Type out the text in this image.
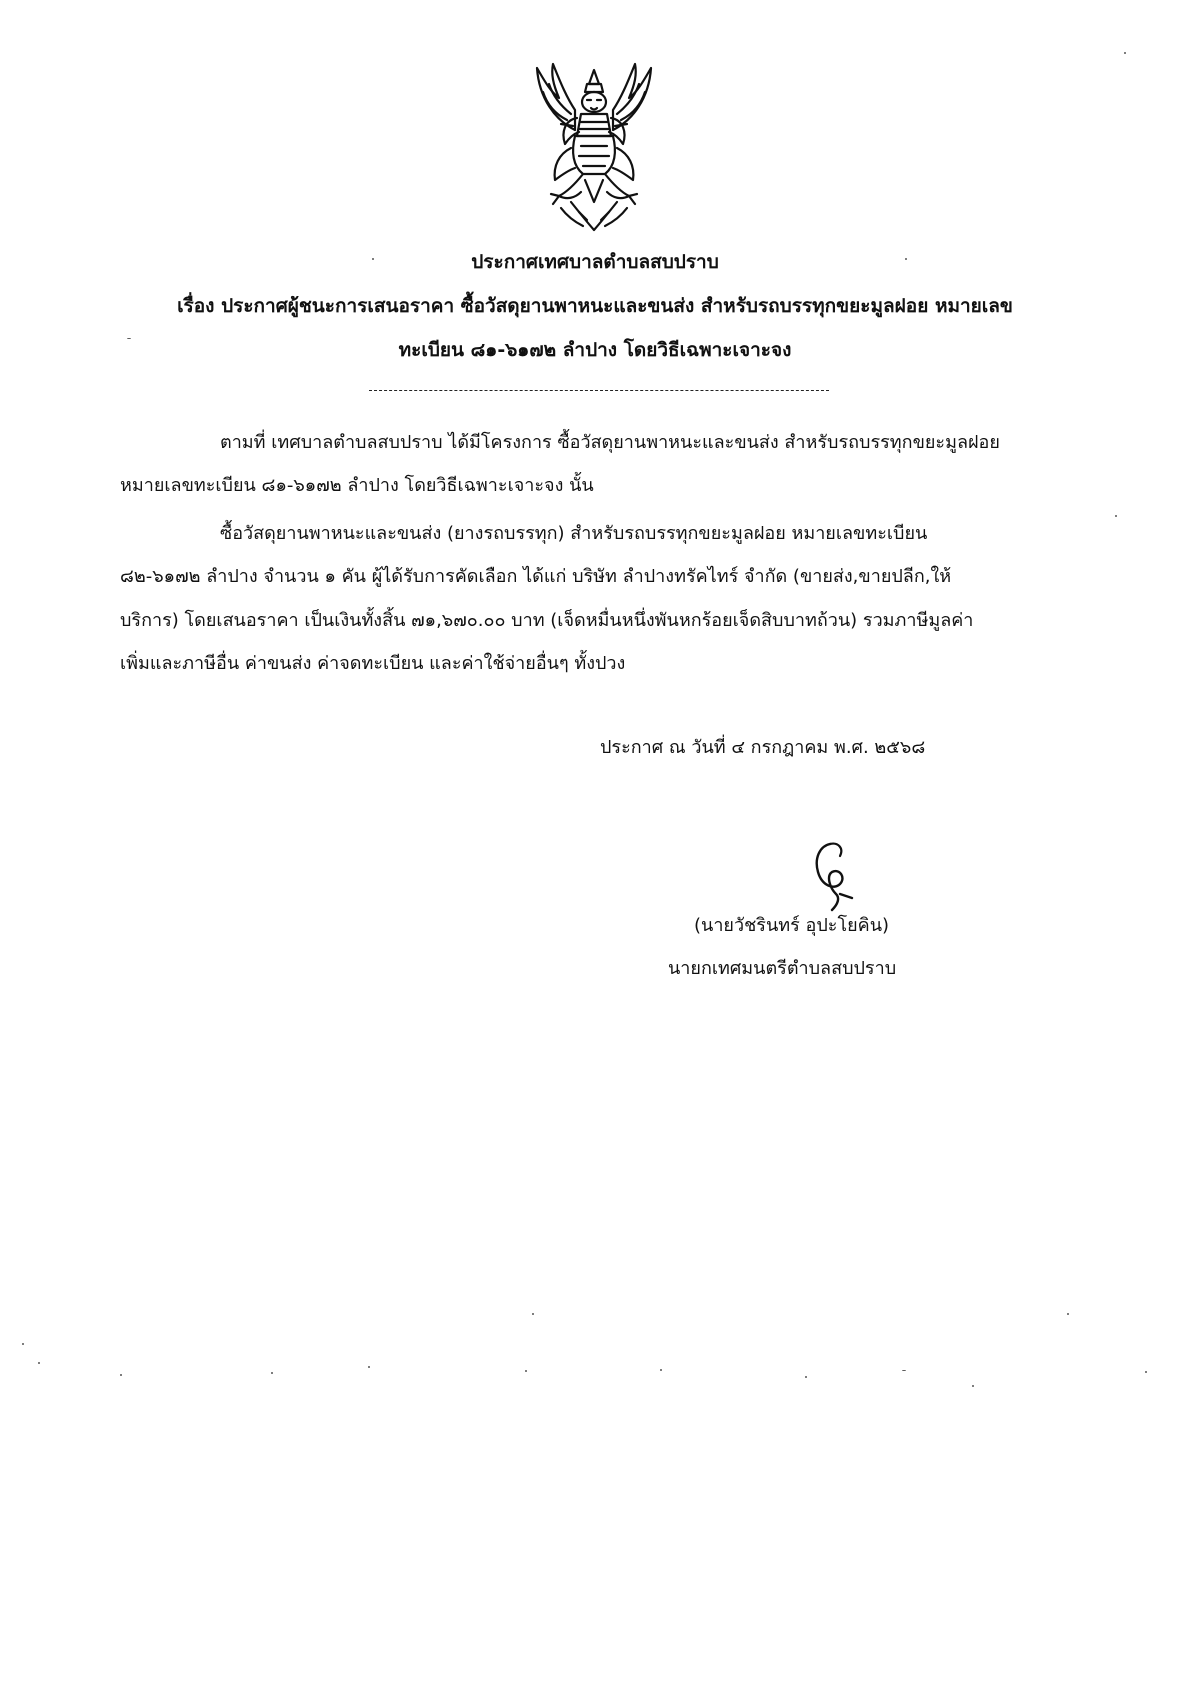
ประกาศเทศบาลตำบลสบปราบ
เรื่อง ประกาศผู้ชนะการเสนอราคา ซื้อวัสดุยานพาหนะและขนส่ง สำหรับรถบรรทุกขยะมูลฝอย หมายเลข
ทะเบียน ๘๑-๖๑๗๒ ลำปาง โดยวิธีเฉพาะเจาะจง
ตามที่ เทศบาลตำบลสบปราบ ได้มีโครงการ ซื้อวัสดุยานพาหนะและขนส่ง สำหรับรถบรรทุกขยะมูลฝอย
หมายเลขทะเบียน ๘๑-๖๑๗๒ ลำปาง โดยวิธีเฉพาะเจาะจง นั้น
ซื้อวัสดุยานพาหนะและขนส่ง (ยางรถบรรทุก) สำหรับรถบรรทุกขยะมูลฝอย หมายเลขทะเบียน
๘๒-๖๑๗๒ ลำปาง จำนวน ๑ คัน ผู้ได้รับการคัดเลือก ได้แก่ บริษัท ลำปางทรัคไทร์ จำกัด (ขายส่ง,ขายปลีก,ให้
บริการ) โดยเสนอราคา เป็นเงินทั้งสิ้น ๗๑,๖๗๐.๐๐ บาท (เจ็ดหมื่นหนึ่งพันหกร้อยเจ็ดสิบบาทถ้วน) รวมภาษีมูลค่า
เพิ่มและภาษีอื่น ค่าขนส่ง ค่าจดทะเบียน และค่าใช้จ่ายอื่นๆ ทั้งปวง
ประกาศ ณ วันที่ ๔ กรกฎาคม พ.ศ. ๒๕๖๘
(นายวัชรินทร์ อุปะโยคิน)
นายกเทศมนตรีตำบลสบปราบ
